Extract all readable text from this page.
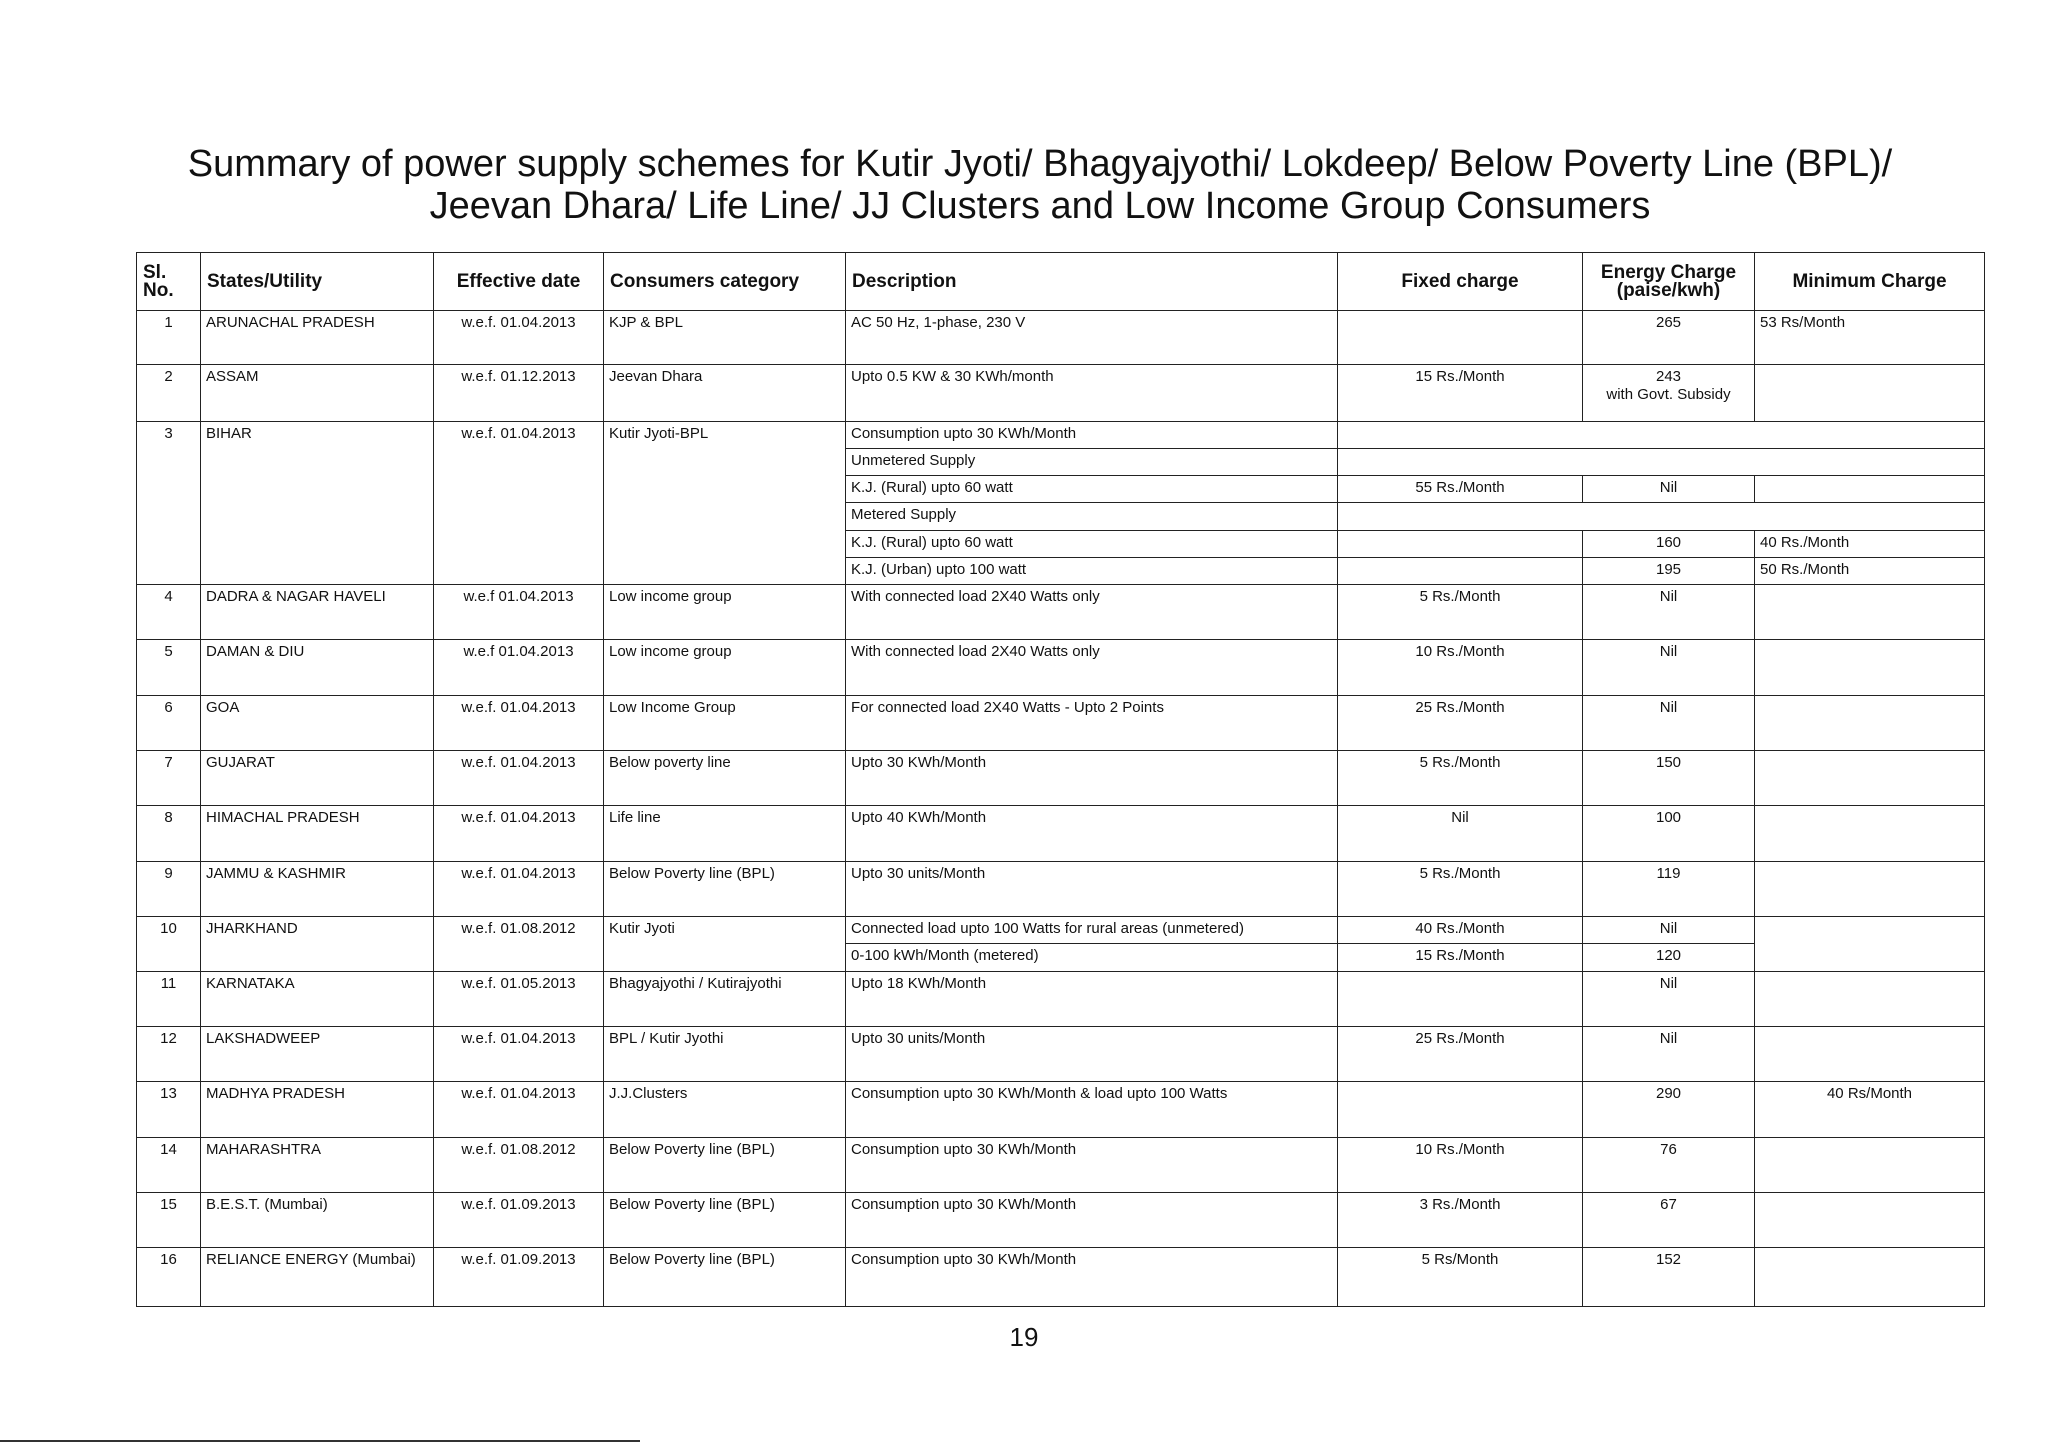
Summary of power supply schemes for Kutir Jyoti/ Bhagyajyothi/ Lokdeep/ Below Poverty Line (BPL)/
Jeevan Dhara/ Life Line/ JJ Clusters and Low Income Group Consumers
Sl. No.	States/Utility	Effective date	Consumers category	Description	Fixed charge	Energy Charge (paise/kwh)	Minimum Charge
1	ARUNACHAL PRADESH	w.e.f. 01.04.2013	KJP & BPL	AC 50 Hz, 1-phase, 230 V		265	53 Rs/Month
2	ASSAM	w.e.f. 01.12.2013	Jeevan Dhara	Upto 0.5 KW & 30 KWh/month	15 Rs./Month	243
with Govt. Subsidy	

3	BIHAR	w.e.f. 01.04.2013	Kutir Jyoti-BPL	Consumption upto 30 KWh/Month			
				Unmetered Supply			
				K.J. (Rural) upto 60 watt	55 Rs./Month	Nil	
				Metered Supply			
				K.J. (Rural) upto 60 watt		160	40 Rs./Month
				K.J. (Urban) upto 100 watt		195	50 Rs./Month
4	DADRA & NAGAR HAVELI	w.e.f 01.04.2013	Low income group	With connected load 2X40 Watts only	5 Rs./Month	Nil	
5	DAMAN & DIU	w.e.f 01.04.2013	Low income group	With connected load 2X40 Watts only	10 Rs./Month	Nil	
6	GOA	w.e.f. 01.04.2013	Low Income Group	For connected load 2X40 Watts - Upto 2 Points	25 Rs./Month	Nil	
7	GUJARAT	w.e.f. 01.04.2013	Below poverty line	Upto 30 KWh/Month	5 Rs./Month	150	
8	HIMACHAL PRADESH	w.e.f. 01.04.2013	Life line	Upto 40 KWh/Month	Nil	100	
9	JAMMU & KASHMIR	w.e.f. 01.04.2013	Below Poverty line (BPL)	Upto 30 units/Month	5 Rs./Month	119	
10	JHARKHAND	w.e.f. 01.08.2012	Kutir Jyoti	Connected load upto 100 Watts for rural areas (unmetered)	40 Rs./Month	Nil	
				0-100 kWh/Month (metered)	15 Rs./Month	120	
11	KARNATAKA	w.e.f. 01.05.2013	Bhagyajyothi / Kutirajyothi	Upto 18 KWh/Month		Nil	
12	LAKSHADWEEP	w.e.f. 01.04.2013	BPL / Kutir Jyothi	Upto 30 units/Month	25 Rs./Month	Nil	
13	MADHYA PRADESH	w.e.f. 01.04.2013	J.J.Clusters	Consumption upto 30 KWh/Month & load upto 100 Watts		290	40 Rs/Month
14	MAHARASHTRA	w.e.f. 01.08.2012	Below Poverty line (BPL)	Consumption upto 30 KWh/Month	10 Rs./Month	76	
15	B.E.S.T. (Mumbai)	w.e.f. 01.09.2013	Below Poverty line (BPL)	Consumption upto 30 KWh/Month	3 Rs./Month	67	
16	RELIANCE ENERGY (Mumbai)	w.e.f. 01.09.2013	Below Poverty line (BPL)	Consumption upto 30 KWh/Month	5 Rs/Month	152	
19
